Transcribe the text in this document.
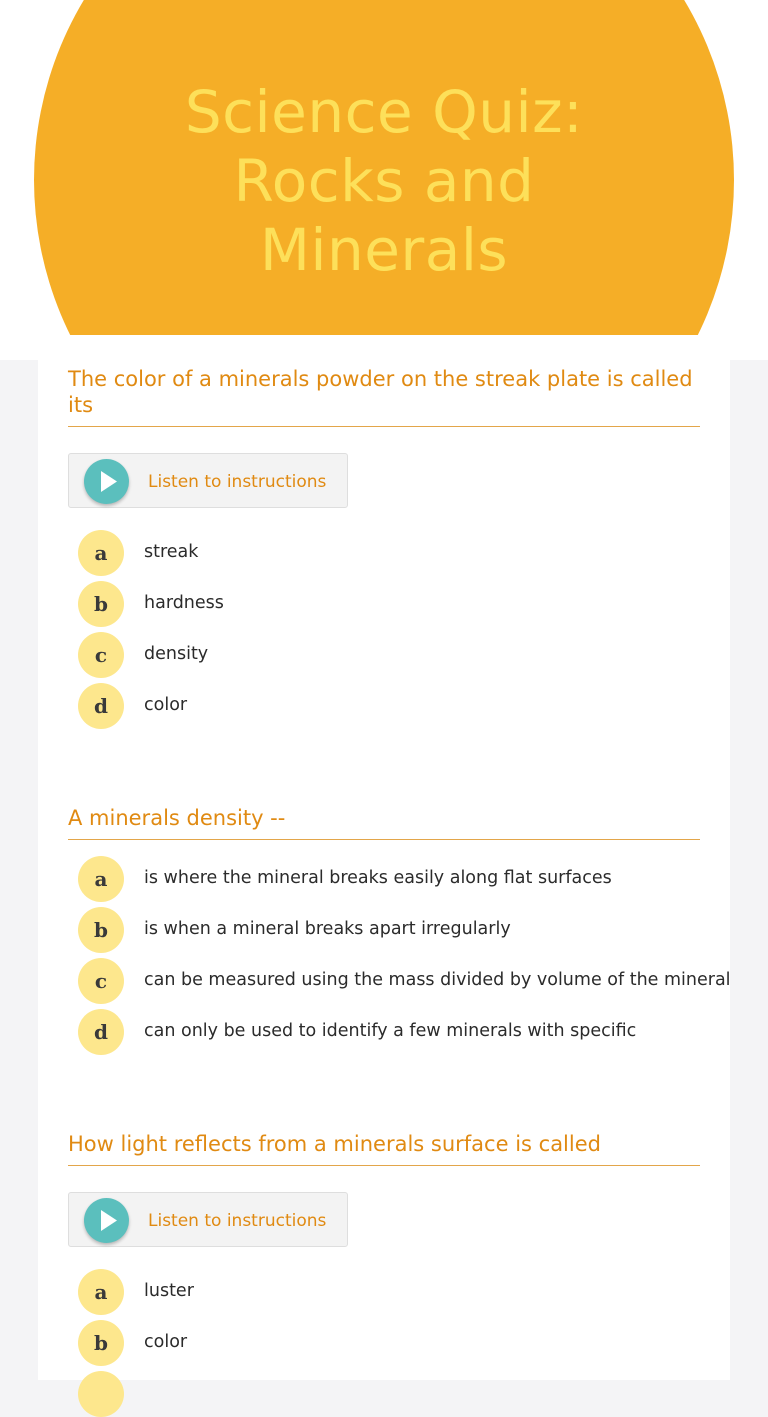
Science Quiz: Rocks and Minerals
The color of a minerals powder on the streak plate is called its
Listen to instructions
a	streak
b	hardness
c	density
d	color
A minerals density --
a	is where the mineral breaks easily along flat surfaces
b	is when a mineral breaks apart irregularly
c	can be measured using the mass divided by volume of the mineral
d	can only be used to identify a few minerals with specific
How light reflects from a minerals surface is called
Listen to instructions
a	luster
b	color
